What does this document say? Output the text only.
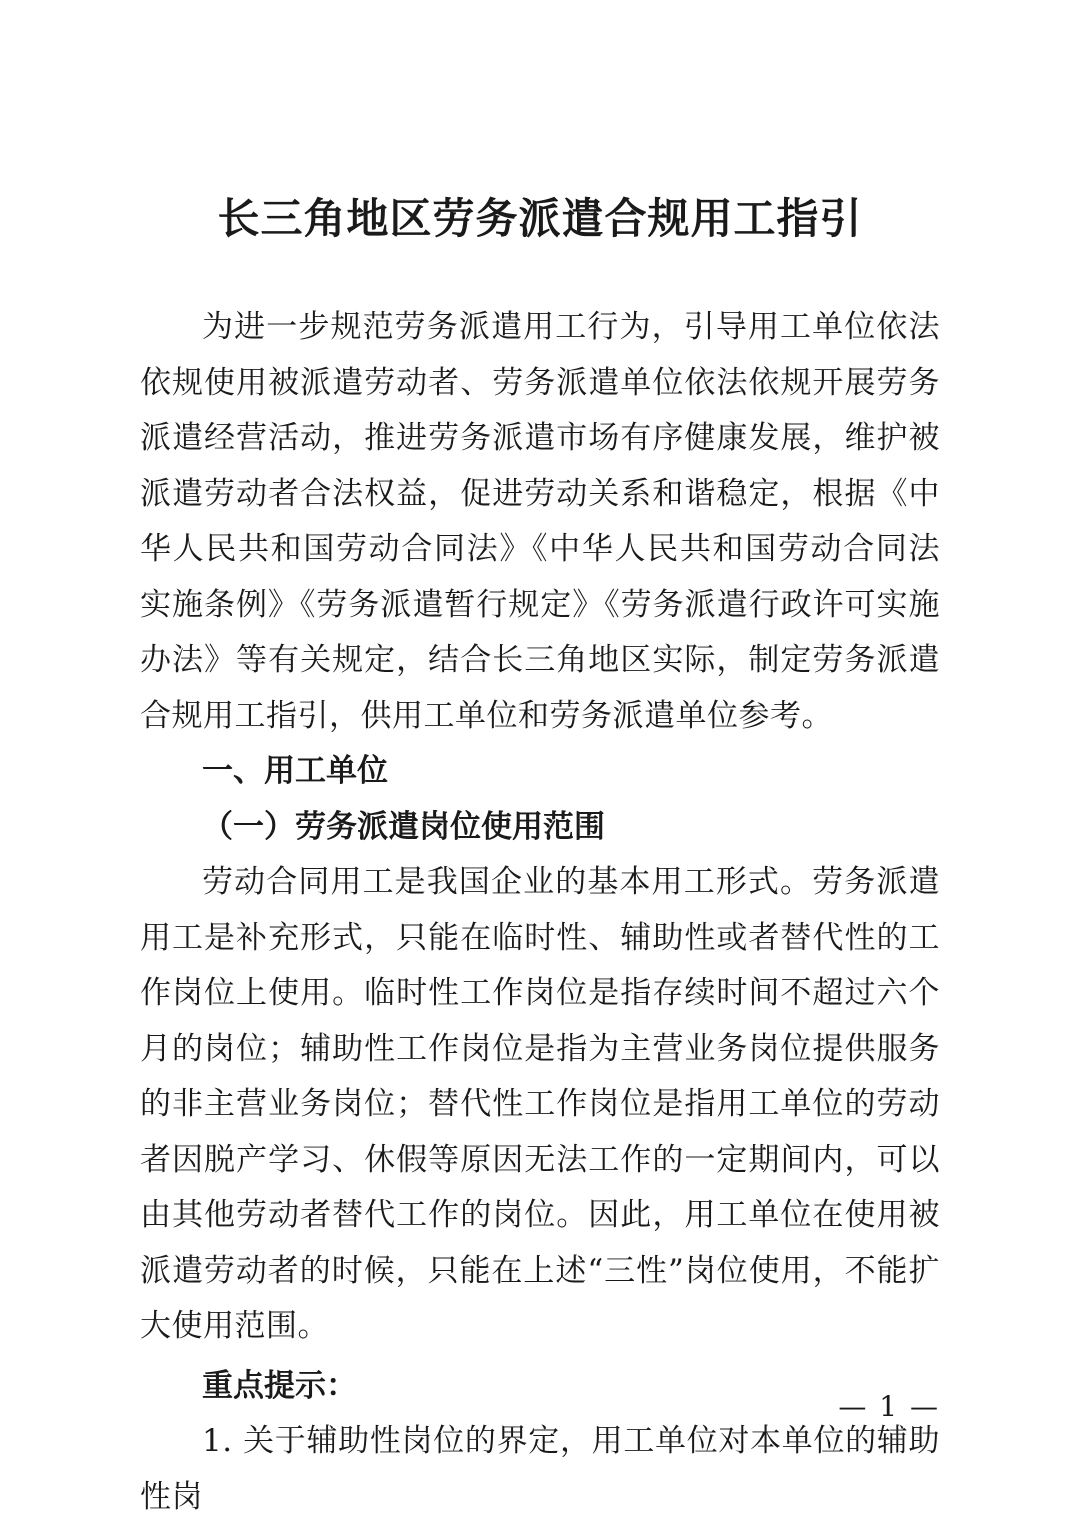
长三角地区劳务派遣合规用工指引

为进一步规范劳务派遣用工行为，引导用工单位依法依规使用被派遣劳动者、劳务派遣单位依法依规开展劳务派遣经营活动，推进劳务派遣市场有序健康发展，维护被派遣劳动者合法权益，促进劳动关系和谐稳定，根据《中华人民共和国劳动合同法》《中华人民共和国劳动合同法实施条例》《劳务派遣暂行规定》《劳务派遣行政许可实施办法》等有关规定，结合长三角地区实际，制定劳务派遣合规用工指引，供用工单位和劳务派遣单位参考。

一、用工单位

（一）劳务派遣岗位使用范围

劳动合同用工是我国企业的基本用工形式。劳务派遣用工是补充形式，只能在临时性、辅助性或者替代性的工作岗位上使用。临时性工作岗位是指存续时间不超过六个月的岗位；辅助性工作岗位是指为主营业务岗位提供服务的非主营业务岗位；替代性工作岗位是指用工单位的劳动者因脱产学习、休假等原因无法工作的一定期间内，可以由其他劳动者替代工作的岗位。因此，用工单位在使用被派遣劳动者的时候，只能在上述“三性”岗位使用，不能扩大使用范围。

重点提示：

1. 关于辅助性岗位的界定，用工单位对本单位的辅助性岗

— 1 —
